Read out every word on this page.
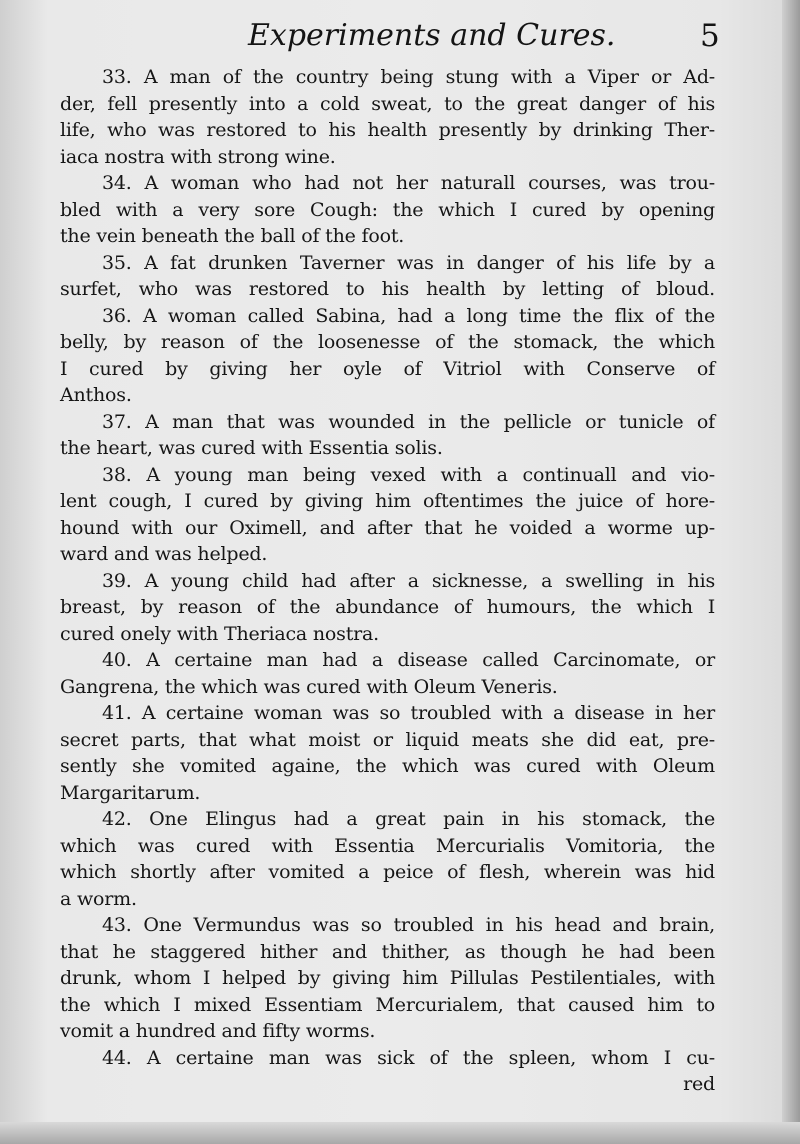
Experiments and Cures.	5
33. A man of the country being stung with a Viper or Ad-
der, fell presently into a cold sweat, to the great danger of his
life, who was restored to his health presently by drinking Ther-
iaca nostra with strong wine.
34. A woman who had not her naturall courses, was trou-
bled with a very sore Cough: the which I cured by opening
the vein beneath the ball of the foot.
35. A fat drunken Taverner was in danger of his life by a
surfet, who was restored to his health by letting of bloud.
36. A woman called Sabina, had a long time the flix of the
belly, by reason of the loosenesse of the stomack, the which
I cured by giving her oyle of Vitriol with Conserve of
Anthos.
37. A man that was wounded in the pellicle or tunicle of
the heart, was cured with Essentia solis.
38. A young man being vexed with a continuall and vio-
lent cough, I cured by giving him oftentimes the juice of hore-
hound with our Oximell, and after that he voided a worme up-
ward and was helped.
39. A young child had after a sicknesse, a swelling in his
breast, by reason of the abundance of humours, the which I
cured onely with Theriaca nostra.
40. A certaine man had a disease called Carcinomate, or
Gangrena, the which was cured with Oleum Veneris.
41. A certaine woman was so troubled with a disease in her
secret parts, that what moist or liquid meats she did eat, pre-
sently she vomited againe, the which was cured with Oleum
Margaritarum.
42. One Elingus had a great pain in his stomack, the
which was cured with Essentia Mercurialis Vomitoria, the
which shortly after vomited a peice of flesh, wherein was hid
a worm.
43. One Vermundus was so troubled in his head and brain,
that he staggered hither and thither, as though he had been
drunk, whom I helped by giving him Pillulas Pestilentiales, with
the which I mixed Essentiam Mercurialem, that caused him to
vomit a hundred and fifty worms.
44. A certaine man was sick of the spleen, whom I cu-
red
